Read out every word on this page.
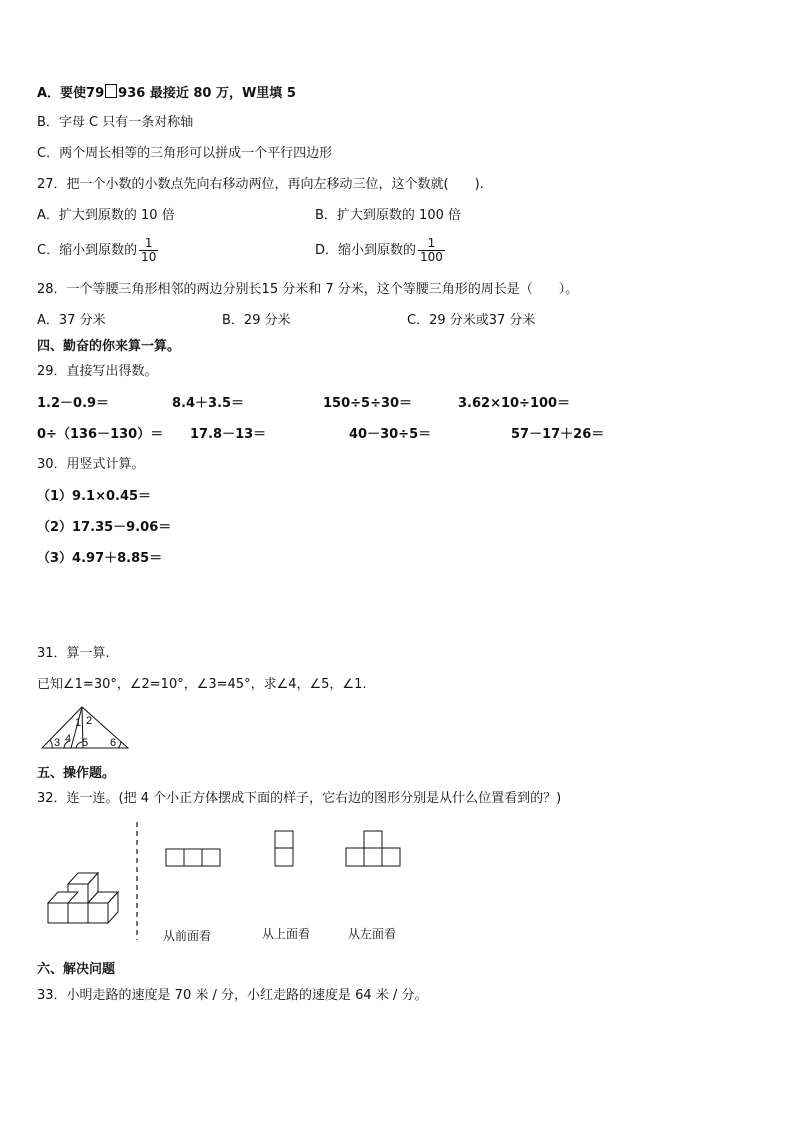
A．要使79 936 最接近 80 万，W里填 5
B．字母 C 只有一条对称轴
C．两个周长相等的三角形可以拼成一个平行四边形
27．把一个小数的小数点先向右移动两位，再向左移动三位，这个数就(　　).
A．扩大到原数的 10 倍	B．扩大到原数的 100 倍
C．缩小到原数的 $\frac{1}{10}$	D．缩小到原数的 $\frac{1}{100}$
28．一个等腰三角形相邻的两边分别长15 分米和 7 分米，这个等腰三角形的周长是（　　）。
A．37 分米	B．29 分米	C．29 分米或37 分米
四、勤奋的你来算一算。
29．直接写出得数。
1.2－0.9＝	8.4＋3.5＝	150÷5÷30＝	3.62×10÷100＝
0÷（136－130）＝ 17.8－13＝	40－30÷5＝	57－17＋26＝
30．用竖式计算。
（1）9.1×0.45＝
（2）17.35－9.06＝
（3）4.97＋8.85＝
31．算一算.
已知∠1=30°，∠2=10°，∠3=45°，求∠4，∠5，∠1.
1 2
3 4 5 6
五、操作题。
32．连一连。(把 4 个小正方体摆成下面的样子，它右边的图形分别是从什么位置看到的？)
从前面看	从上面看	从左面看
六、解决问题
33．小明走路的速度是 70 米 / 分，小红走路的速度是 64 米 / 分。
